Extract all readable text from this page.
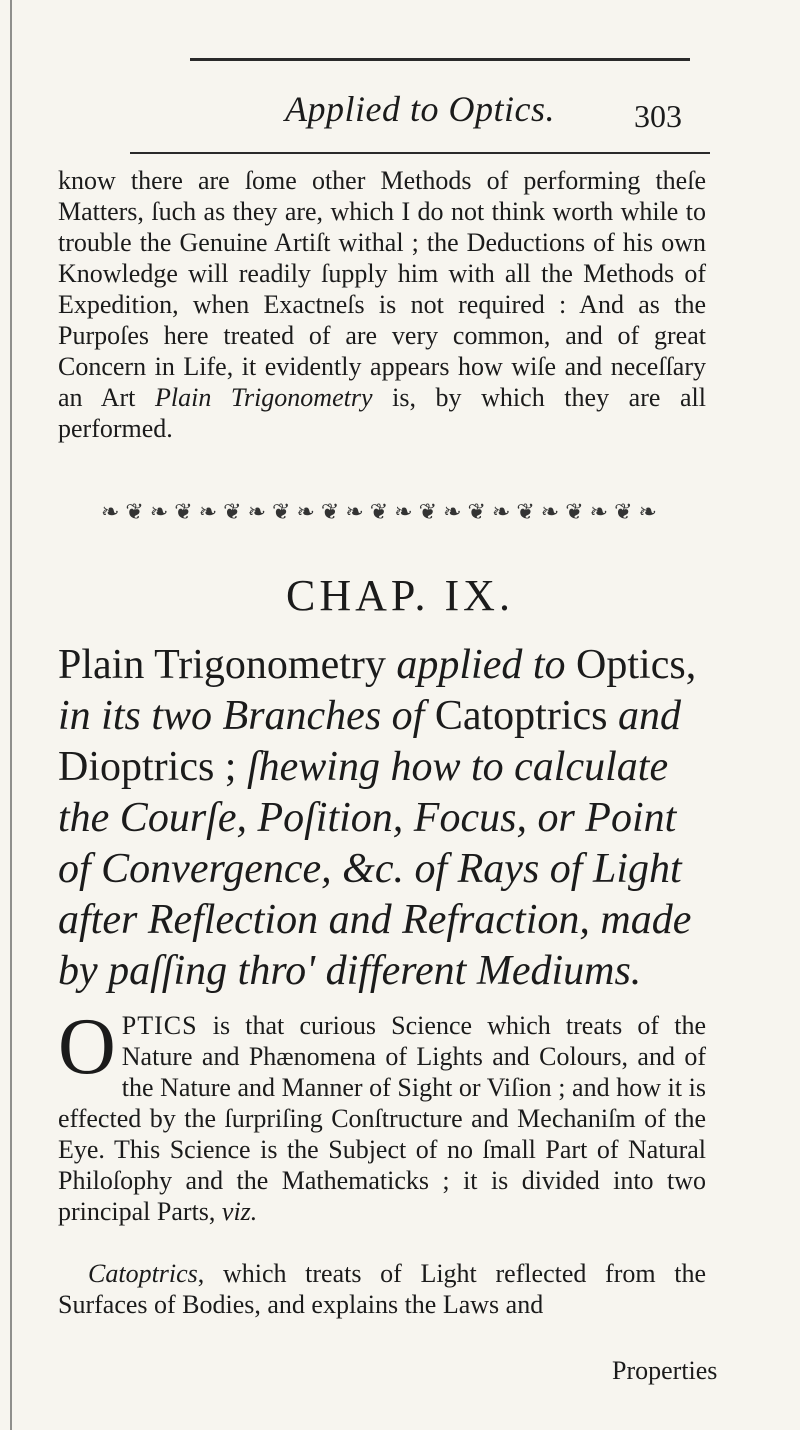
Applied to Optics.	303

know there are ſome other Methods of performing theſe Matters, ſuch as they are, which I do not think worth while to trouble the Genuine Artiſt withal ; the Deductions of his own Knowledge will readily ſupply him with all the Methods of Expedition, when Exactneſs is not required : And as the Purpoſes here treated of are very common, and of great Concern in Life, it evidently appears how wiſe and neceſſary an Art Plain Trigonometry is, by which they are all performed.

❧❦❧❦❧❦❧❦❧❦❧❦❧❦❧❦❧❦❧❦❧❦❧
CHAP. IX.

Plain Trigonometry applied to Optics, in its two Branches of Catoptrics and Dioptrics ; ſhewing how to calculate the Courſe, Poſition, Focus, or Point of Convergence, &c. of Rays of Light after Reflection and Refraction, made by paſſing thro' different Mediums.

OPTICS is that curious Science which treats of the Nature and Phænomena of Lights and Colours, and of the Nature and Manner of Sight or Viſion ; and how it is effected by the ſurpriſing Conſtructure and Mechaniſm of the Eye. This Science is the Subject of no ſmall Part of Natural Philoſophy and the Mathematicks ; it is divided into two principal Parts, viz.

Catoptrics, which treats of Light reflected from the Surfaces of Bodies, and explains the Laws and

Properties
